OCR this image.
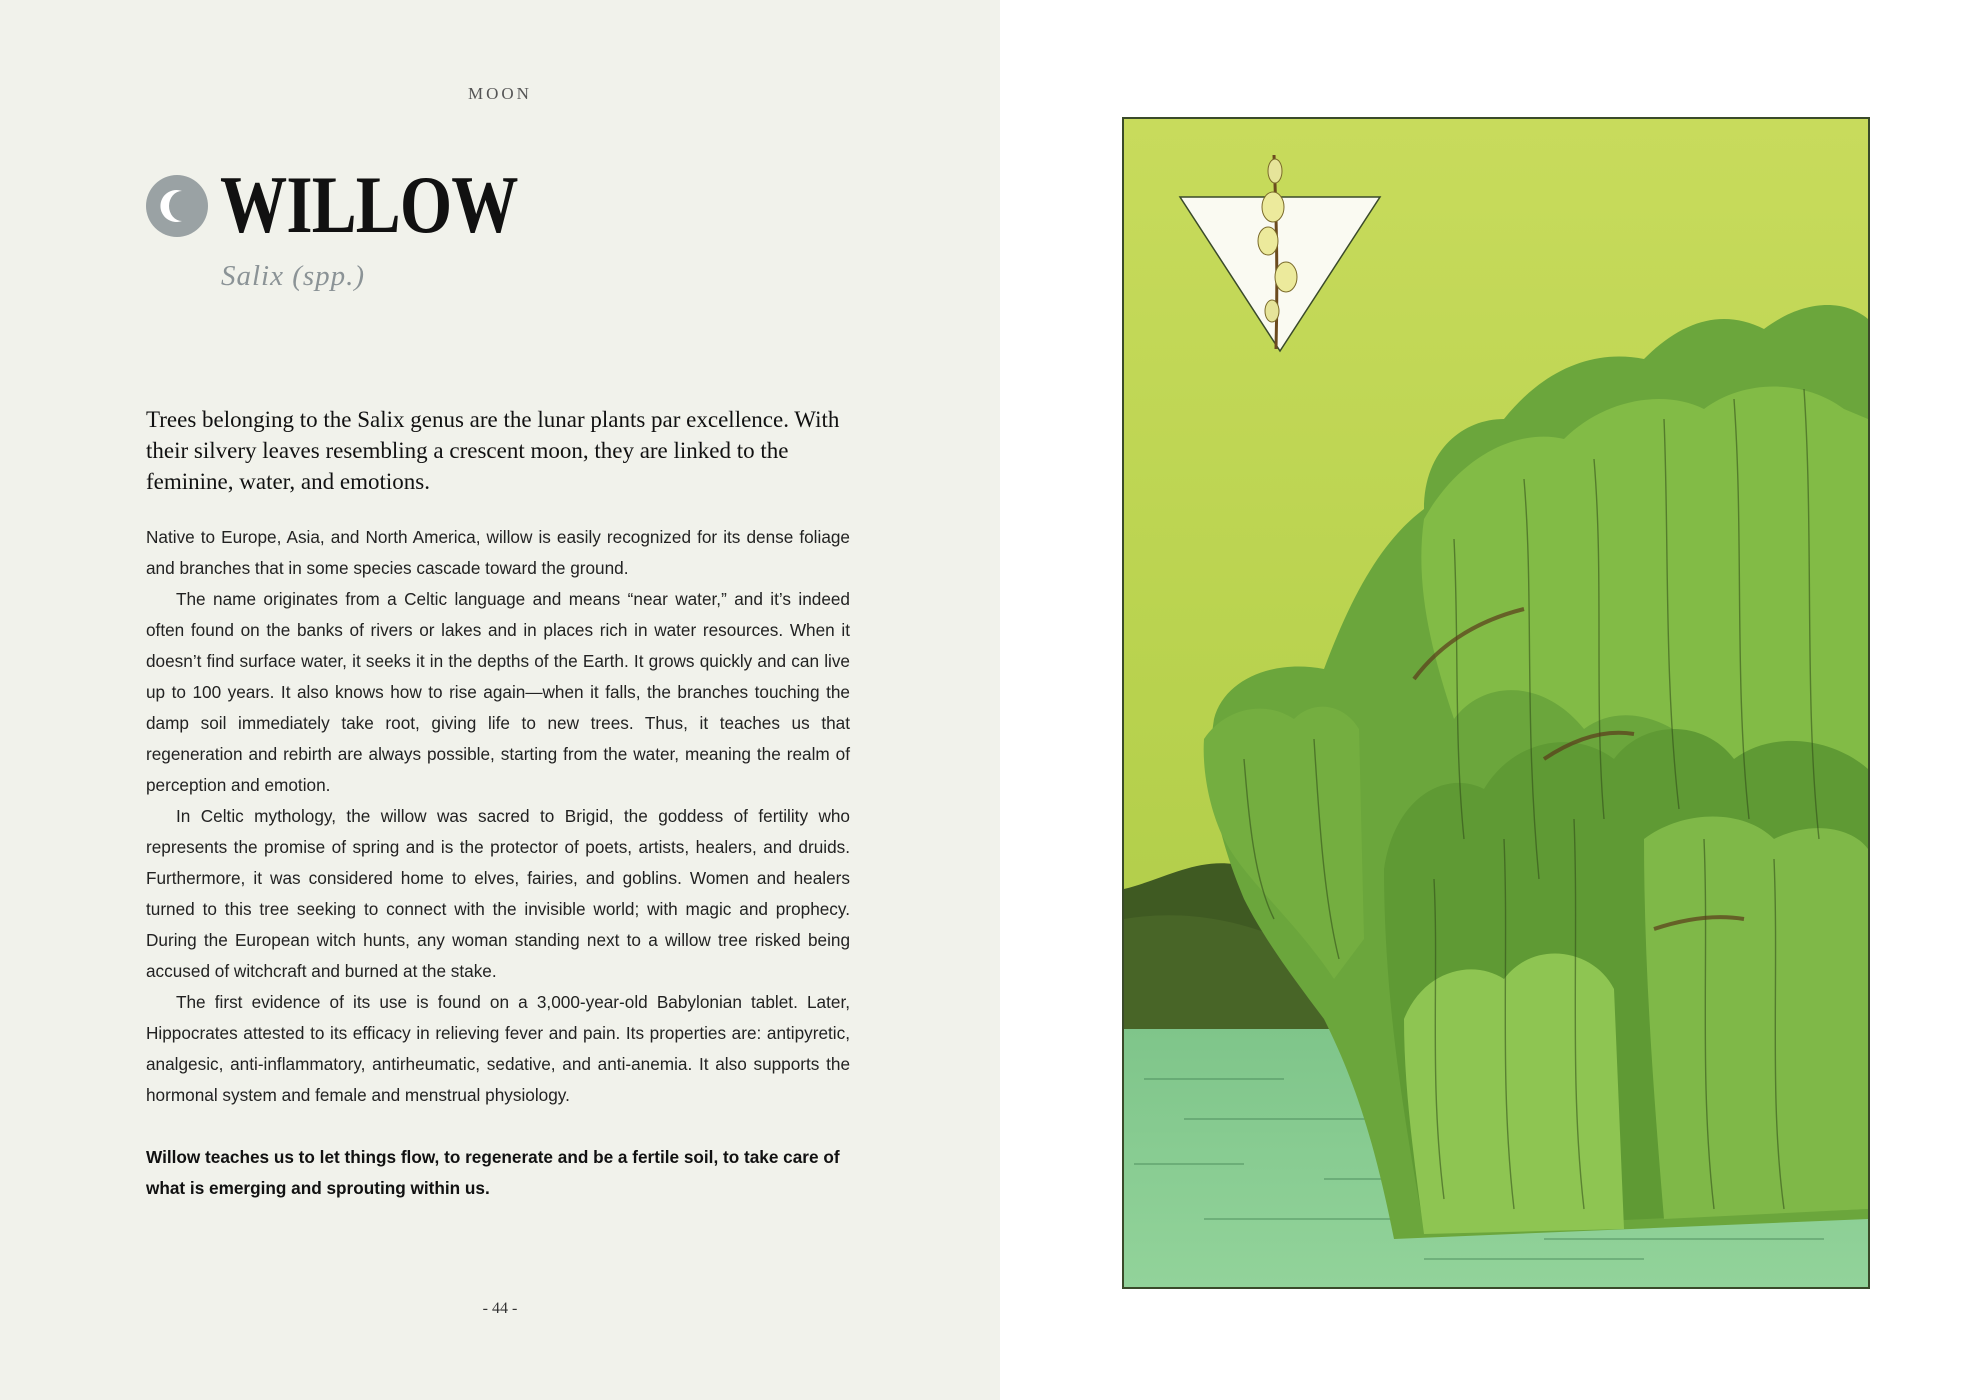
MOON
WILLOW
Salix (spp.)
Trees belonging to the Salix genus are the lunar plants par excellence. With their silvery leaves resembling a crescent moon, they are linked to the feminine, water, and emotions.

Native to Europe, Asia, and North America, willow is easily recognized for its dense foliage and branches that in some species cascade toward the ground.

The name originates from a Celtic language and means “near water,” and it’s indeed often found on the banks of rivers or lakes and in places rich in water resources. When it doesn’t find surface water, it seeks it in the depths of the Earth. It grows quickly and can live up to 100 years. It also knows how to rise again—when it falls, the branches touching the damp soil immediately take root, giving life to new trees. Thus, it teaches us that regeneration and rebirth are always possible, starting from the water, meaning the realm of perception and emotion.

In Celtic mythology, the willow was sacred to Brigid, the goddess of fertility who represents the promise of spring and is the protector of poets, artists, healers, and druids. Furthermore, it was considered home to elves, fairies, and goblins. Women and healers turned to this tree seeking to connect with the invisible world; with magic and prophecy. During the European witch hunts, any woman standing next to a willow tree risked being accused of witchcraft and burned at the stake.

The first evidence of its use is found on a 3,000-year-old Babylonian tablet. Later, Hippocrates attested to its efficacy in relieving fever and pain. Its properties are: antipyretic, analgesic, anti-inflammatory, antirheumatic, sedative, and anti-anemia. It also supports the hormonal system and female and menstrual physiology.

Willow teaches us to let things flow, to regenerate and be a fertile soil, to take care of what is emerging and sprouting within us.
- 44 -
